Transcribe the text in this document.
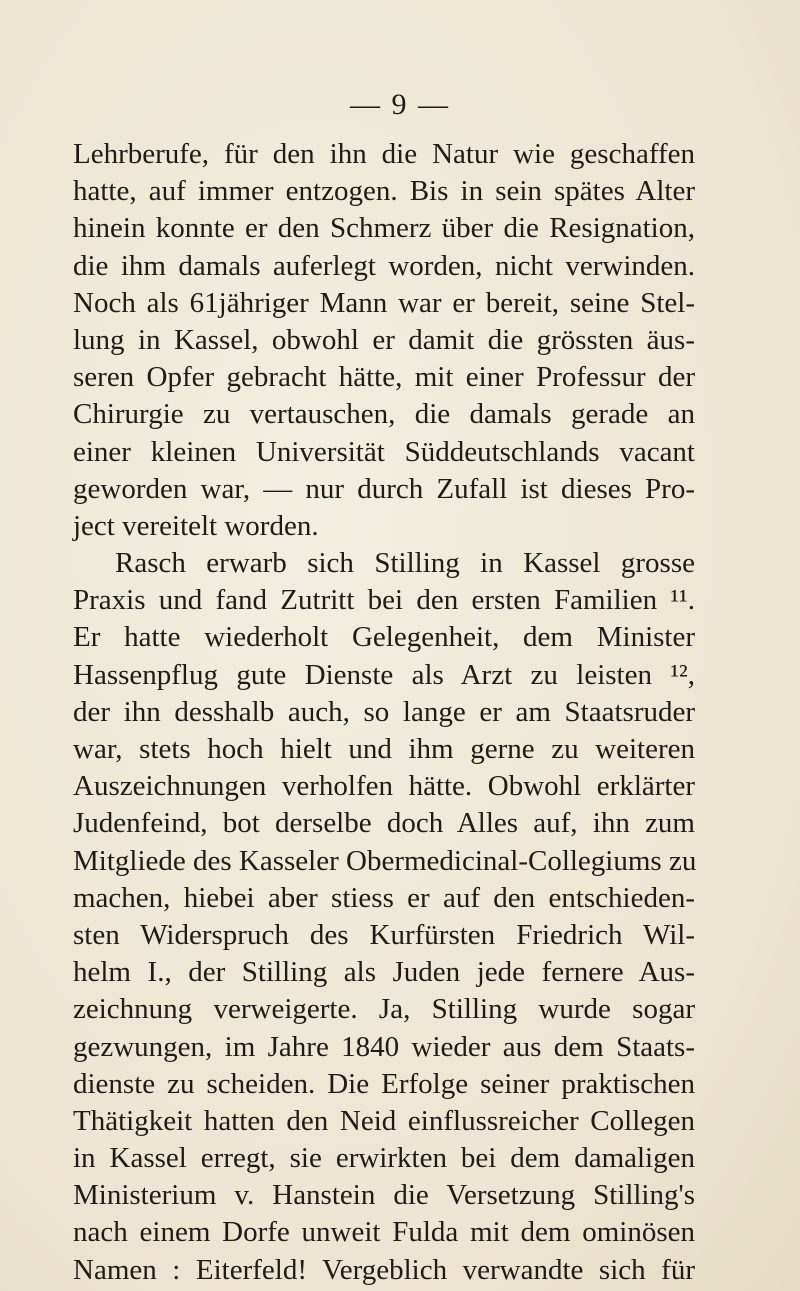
— 9 —
Lehrberufe, für den ihn die Natur wie geschaffen
hatte, auf immer entzogen. Bis in sein spätes Alter
hinein konnte er den Schmerz über die Resignation,
die ihm damals auferlegt worden, nicht verwinden.
Noch als 61jähriger Mann war er bereit, seine Stel-
lung in Kassel, obwohl er damit die grössten äus-
seren Opfer gebracht hätte, mit einer Professur der
Chirurgie zu vertauschen, die damals gerade an
einer kleinen Universität Süddeutschlands vacant
geworden war, — nur durch Zufall ist dieses Pro-
ject vereitelt worden.
Rasch erwarb sich Stilling in Kassel grosse
Praxis und fand Zutritt bei den ersten Familien ¹¹.
Er hatte wiederholt Gelegenheit, dem Minister
Hassenpflug gute Dienste als Arzt zu leisten ¹²,
der ihn desshalb auch, so lange er am Staatsruder
war, stets hoch hielt und ihm gerne zu weiteren
Auszeichnungen verholfen hätte. Obwohl erklärter
Judenfeind, bot derselbe doch Alles auf, ihn zum
Mitgliede des Kasseler Obermedicinal-Collegiums zu
machen, hiebei aber stiess er auf den entschieden-
sten Widerspruch des Kurfürsten Friedrich Wil-
helm I., der Stilling als Juden jede fernere Aus-
zeichnung verweigerte. Ja, Stilling wurde sogar
gezwungen, im Jahre 1840 wieder aus dem Staats-
dienste zu scheiden. Die Erfolge seiner praktischen
Thätigkeit hatten den Neid einflussreicher Collegen
in Kassel erregt, sie erwirkten bei dem damaligen
Ministerium v. Hanstein die Versetzung Stilling's
nach einem Dorfe unweit Fulda mit dem ominösen
Namen : Eiterfeld! Vergeblich verwandte sich für
